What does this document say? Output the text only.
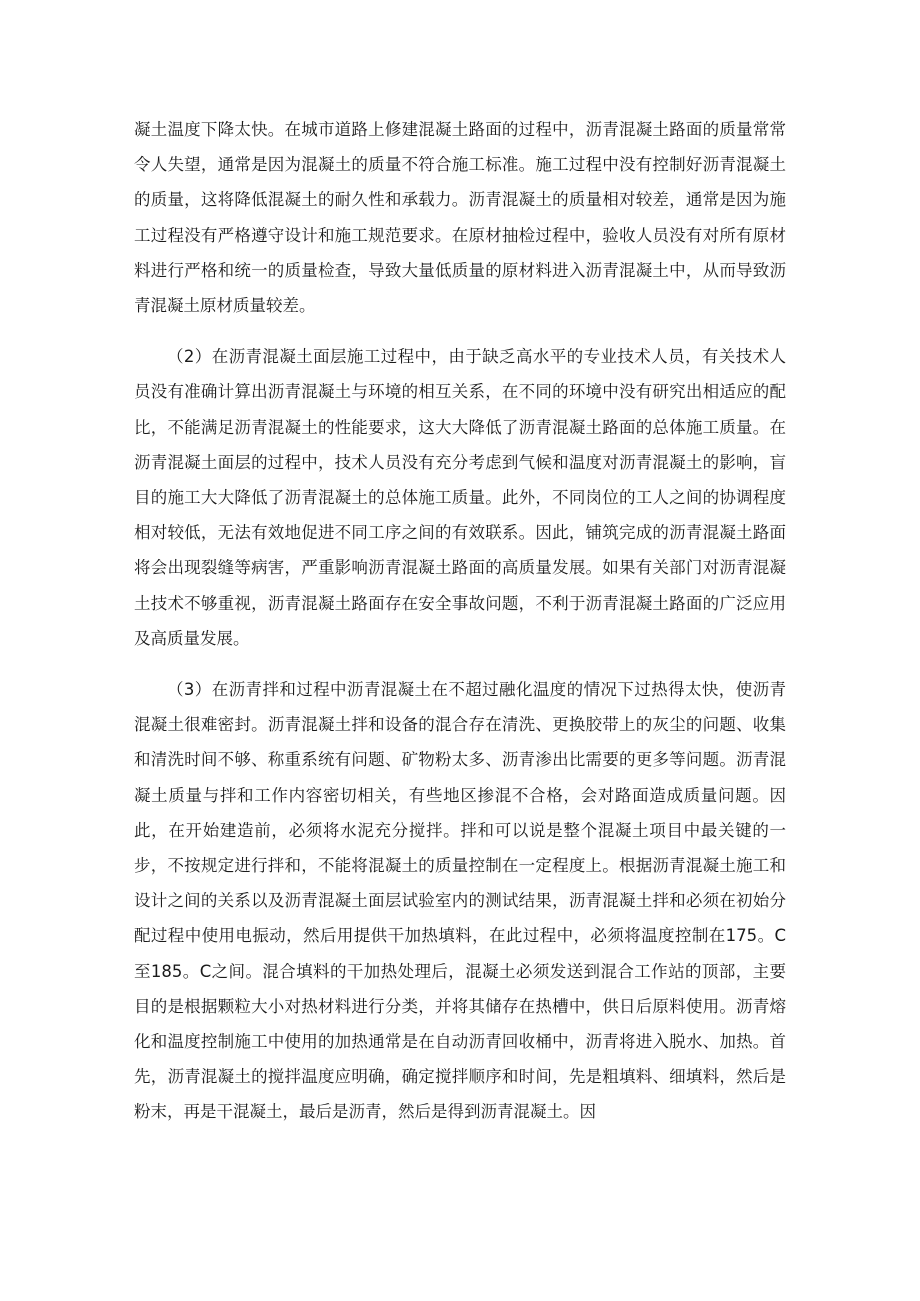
凝土温度下降太快。在城市道路上修建混凝土路面的过程中，沥青混凝土路面的质量常常令人失望，通常是因为混凝土的质量不符合施工标准。施工过程中没有控制好沥青混凝土的质量，这将降低混凝土的耐久性和承载力。沥青混凝土的质量相对较差，通常是因为施工过程没有严格遵守设计和施工规范要求。在原材抽检过程中，验收人员没有对所有原材料进行严格和统一的质量检查，导致大量低质量的原材料进入沥青混凝土中，从而导致沥青混凝土原材质量较差。

（2）在沥青混凝土面层施工过程中，由于缺乏高水平的专业技术人员，有关技术人员没有准确计算出沥青混凝土与环境的相互关系，在不同的环境中没有研究出相适应的配比，不能满足沥青混凝土的性能要求，这大大降低了沥青混凝土路面的总体施工质量。在沥青混凝土面层的过程中，技术人员没有充分考虑到气候和温度对沥青混凝土的影响，盲目的施工大大降低了沥青混凝土的总体施工质量。此外，不同岗位的工人之间的协调程度相对较低，无法有效地促进不同工序之间的有效联系。因此，铺筑完成的沥青混凝土路面将会出现裂缝等病害，严重影响沥青混凝土路面的高质量发展。如果有关部门对沥青混凝土技术不够重视，沥青混凝土路面存在安全事故问题，不利于沥青混凝土路面的广泛应用及高质量发展。

（3）在沥青拌和过程中沥青混凝土在不超过融化温度的情况下过热得太快，使沥青混凝土很难密封。沥青混凝土拌和设备的混合存在清洗、更换胶带上的灰尘的问题、收集和清洗时间不够、称重系统有问题、矿物粉太多、沥青渗出比需要的更多等问题。沥青混凝土质量与拌和工作内容密切相关，有些地区掺混不合格，会对路面造成质量问题。因此，在开始建造前，必须将水泥充分搅拌。拌和可以说是整个混凝土项目中最关键的一步，不按规定进行拌和，不能将混凝土的质量控制在一定程度上。根据沥青混凝土施工和设计之间的关系以及沥青混凝土面层试验室内的测试结果，沥青混凝土拌和必须在初始分配过程中使用电振动，然后用提供干加热填料，在此过程中，必须将温度控制在175。C至185。C之间。混合填料的干加热处理后，混凝土必须发送到混合工作站的顶部，主要目的是根据颗粒大小对热材料进行分类，并将其储存在热槽中，供日后原料使用。沥青熔化和温度控制施工中使用的加热通常是在自动沥青回收桶中，沥青将进入脱水、加热。首先，沥青混凝土的搅拌温度应明确，确定搅拌顺序和时间，先是粗填料、细填料，然后是粉末，再是干混凝土，最后是沥青，然后是得到沥青混凝土。因
